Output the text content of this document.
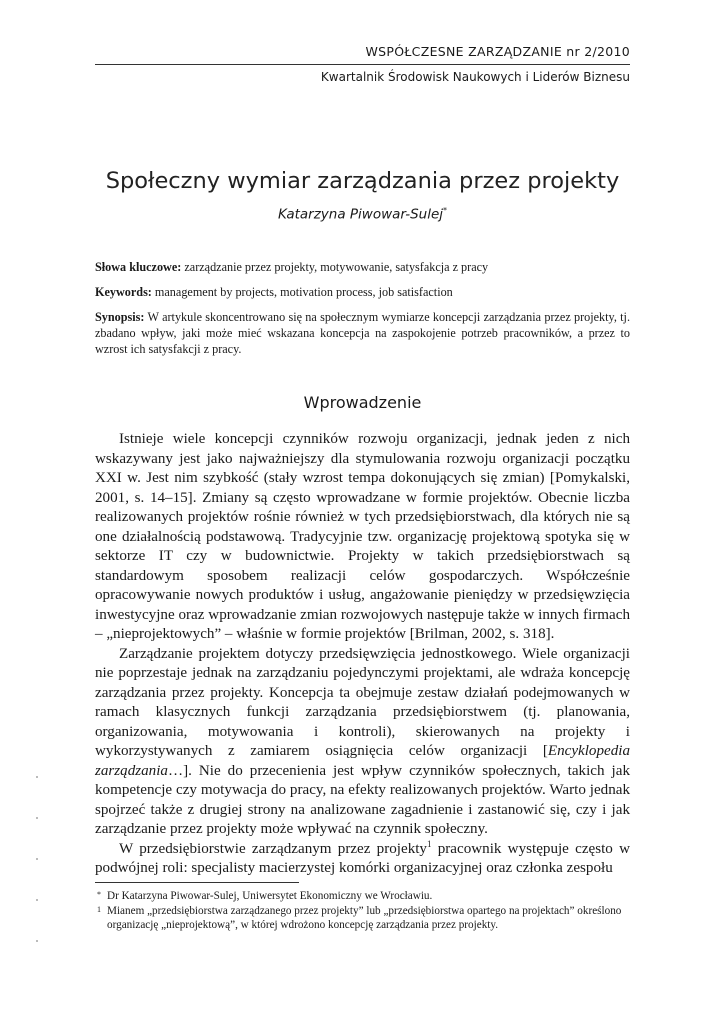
WSPÓŁCZESNE ZARZĄDZANIE nr 2/2010
Kwartalnik Środowisk Naukowych i Liderów Biznesu
Społeczny wymiar zarządzania przez projekty
Katarzyna Piwowar-Sulej*
Słowa kluczowe: zarządzanie przez projekty, motywowanie, satysfakcja z pracy
Keywords: management by projects, motivation process, job satisfaction
Synopsis: W artykule skoncentrowano się na społecznym wymiarze koncepcji zarządzania przez projekty, tj. zbadano wpływ, jaki może mieć wskazana koncepcja na zaspokojenie potrzeb pracowników, a przez to wzrost ich satysfakcji z pracy.
Wprowadzenie

Istnieje wiele koncepcji czynników rozwoju organizacji, jednak jeden z nich wskazywany jest jako najważniejszy dla stymulowania rozwoju organizacji początku XXI w. Jest nim szybkość (stały wzrost tempa dokonujących się zmian) [Pomykalski, 2001, s. 14–15]. Zmiany są często wprowadzane w formie projektów. Obecnie liczba realizowanych projektów rośnie również w tych przedsiębiorstwach, dla których nie są one działalnością podstawową. Tradycyjnie tzw. organizację projektową spotyka się w sektorze IT czy w budownictwie. Projekty w takich przedsiębiorstwach są standardowym sposobem realizacji celów gospodarczych. Współcześnie opracowywanie nowych produktów i usług, angażowanie pieniędzy w przedsięwzięcia inwestycyjne oraz wprowadzanie zmian rozwojowych następuje także w innych firmach – „nieprojektowych” – właśnie w formie projektów [Brilman, 2002, s. 318].

Zarządzanie projektem dotyczy przedsięwzięcia jednostkowego. Wiele organizacji nie poprzestaje jednak na zarządzaniu pojedynczymi projektami, ale wdraża koncepcję zarządzania przez projekty. Koncepcja ta obejmuje zestaw działań podejmowanych w ramach klasycznych funkcji zarządzania przedsiębiorstwem (tj. planowania, organizowania, motywowania i kontroli), skierowanych na projekty i wykorzystywanych z zamiarem osiągnięcia celów organizacji [Encyklopedia zarządzania…]. Nie do przecenienia jest wpływ czynników społecznych, takich jak kompetencje czy motywacja do pracy, na efekty realizowanych projektów. Warto jednak spojrzeć także z drugiej strony na analizowane zagadnienie i zastanowić się, czy i jak zarządzanie przez projekty może wpływać na czynnik społeczny.

W przedsiębiorstwie zarządzanym przez projekty$^1$ pracownik występuje często w podwójnej roli: specjalisty macierzystej komórki organizacyjnej oraz członka zespołu

* Dr Katarzyna Piwowar-Sulej, Uniwersytet Ekonomiczny we Wrocławiu.
1 Mianem „przedsiębiorstwa zarządzanego przez projekty” lub „przedsiębiorstwa opartego na projektach” określono organizację „nieprojektową”, w której wdrożono koncepcję zarządzania przez projekty.
